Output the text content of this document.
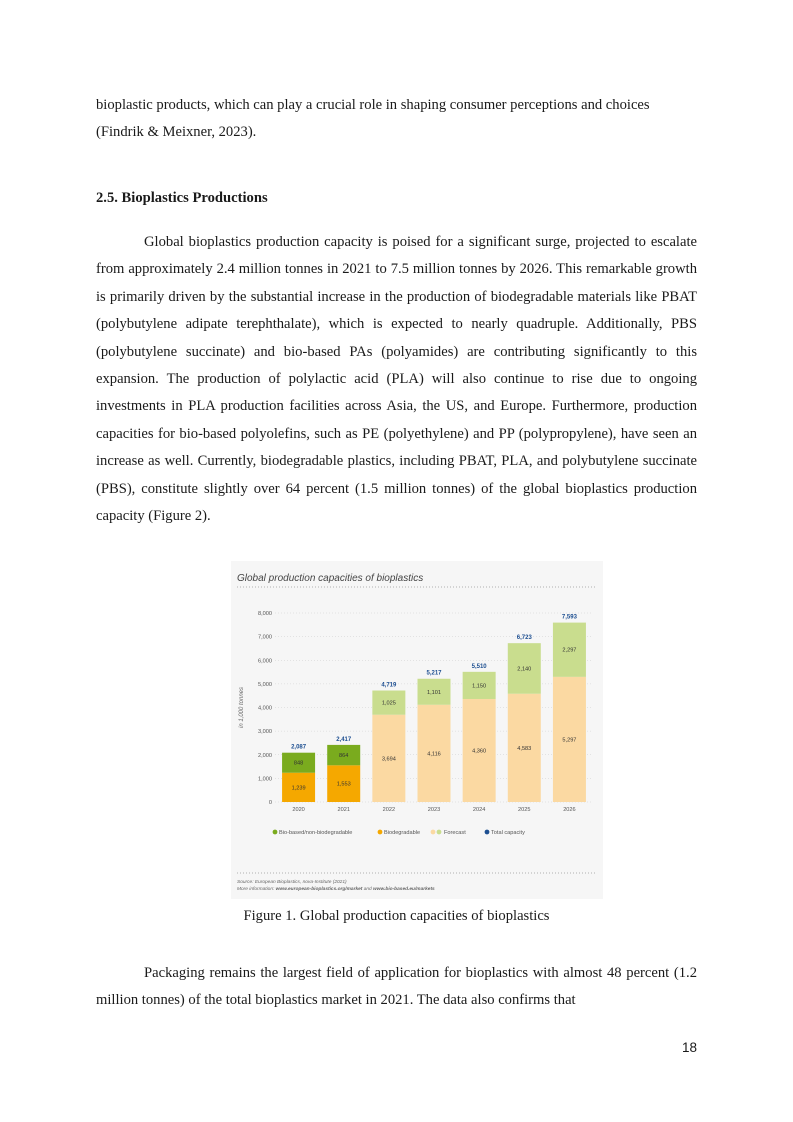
bioplastic products, which can play a crucial role in shaping consumer perceptions and choices
(Findrik & Meixner, 2023).
2.5. Bioplastics Productions
Global bioplastics production capacity is poised for a significant surge, projected to escalate from approximately 2.4 million tonnes in 2021 to 7.5 million tonnes by 2026. This remarkable growth is primarily driven by the substantial increase in the production of biodegradable materials like PBAT (polybutylene adipate terephthalate), which is expected to nearly quadruple. Additionally, PBS (polybutylene succinate) and bio-based PAs (polyamides) are contributing significantly to this expansion. The production of polylactic acid (PLA) will also continue to rise due to ongoing investments in PLA production facilities across Asia, the US, and Europe. Furthermore, production capacities for bio-based polyolefins, such as PE (polyethylene) and PP (polypropylene), have seen an increase as well. Currently, biodegradable plastics, including PBAT, PLA, and polybutylene succinate (PBS), constitute slightly over 64 percent (1.5 million tonnes) of the global bioplastics production capacity (Figure 2).
Global production capacities of bioplastics
in 1,000 tonnes
0
1,000
2,000
3,000
4,000
5,000
6,000
7,000
8,000
1,239
848
2,087
2020
1,553
864
2,417
2021
3,694
1,025
4,719
2022
4,116
1,101
5,217
2023
4,360
1,150
5,510
2024
4,583
2,140
6,723
2025
5,297
2,297
7,593
2026
Bio-based/non-biodegradable	Biodegradable	Forecast	Total capacity
Source: European Bioplastics, nova-Institute (2021)
More information: www.european-bioplastics.org/market and www.bio-based.eu/markets
Figure 1. Global production capacities of bioplastics
Packaging remains the largest field of application for bioplastics with almost 48 percent (1.2 million tonnes) of the total bioplastics market in 2021. The data also confirms that
18
